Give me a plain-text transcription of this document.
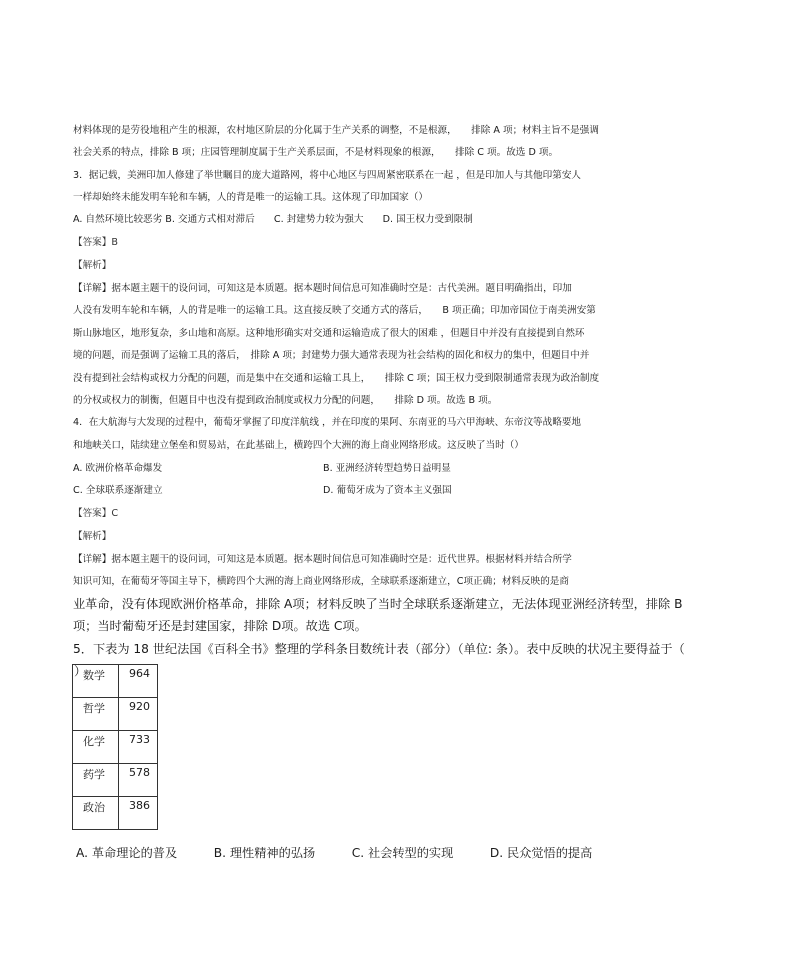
材料体现的是劳役地租产生的根源，农村地区阶层的分化属于生产关系的调整，不是根源，　　排除 A 项；材料主旨不是强调
社会关系的特点，排除 B 项；庄园管理制度属于生产关系层面，不是材料现象的根源，　　排除 C 项。故选 D 项。
3．据记载，美洲印加人修建了举世瞩目的庞大道路网，将中心地区与四周紧密联系在一起 ，但是印加人与其他印第安人
一样却始终未能发明车轮和车辆，人的背是唯一的运输工具。这体现了印加国家（）
A. 自然环境比较恶劣 B. 交通方式相对滞后　　C. 封建势力较为强大　　D. 国王权力受到限制
【答案】B
【解析】
【详解】据本题主题干的设问词，可知这是本质题。据本题时间信息可知准确时空是：古代美洲。题目明确指出，印加
人没有发明车轮和车辆，人的背是唯一的运输工具。这直接反映了交通方式的落后，　　B 项正确；印加帝国位于南美洲安第
斯山脉地区，地形复杂，多山地和高原。这种地形确实对交通和运输造成了很大的困难 ，但题目中并没有直接提到自然环
境的问题，而是强调了运输工具的落后，　排除 A 项；封建势力强大通常表现为社会结构的固化和权力的集中，但题目中并
没有提到社会结构或权力分配的问题，而是集中在交通和运输工具上，　　排除 C 项；国王权力受到限制通常表现为政治制度
的分权或权力的制衡，但题目中也没有提到政治制度或权力分配的问题，　　排除 D 项。故选 B 项。
4．在大航海与大发现的过程中，葡萄牙掌握了印度洋航线 ，并在印度的果阿、东南亚的马六甲海峡、东帝汶等战略要地
和地峡关口，陆续建立堡垒和贸易站，在此基础上，横跨四个大洲的海上商业网络形成。这反映了当时（）
A. 欧洲价格革命爆发	B. 亚洲经济转型趋势日益明显
C. 全球联系逐渐建立	D. 葡萄牙成为了资本主义强国
【答案】C
【解析】
【详解】据本题主题干的设问词，可知这是本质题。据本题时间信息可知准确时空是：近代世界。根据材料并结合所学
知识可知，在葡萄牙等国主导下，横跨四个大洲的海上商业网络形成，全球联系逐渐建立，C项正确；材料反映的是商
业革命，没有体现欧洲价格革命，排除 A项；材料反映了当时全球联系逐渐建立，无法体现亚洲经济转型，排除 B
项；当时葡萄牙还是封建国家，排除 D项。故选 C项。
5．下表为 18 世纪法国《百科全书》整理的学科条目数统计表（部分）（单位: 条）。表中反映的状况主要得益于（
）
数学	964
哲学	920
化学	733
药学	578
政治	386
A. 革命理论的普及　　　B. 理性精神的弘扬　　　C. 社会转型的实现　　　D. 民众觉悟的提高
